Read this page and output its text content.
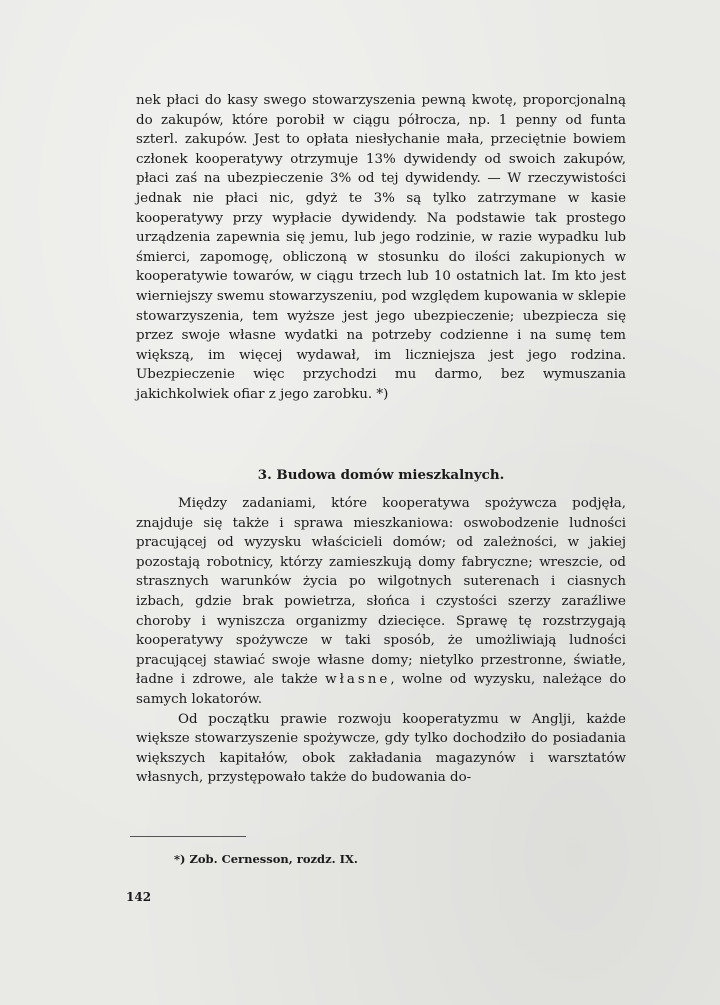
nek płaci do kasy swego stowarzyszenia pewną kwotę, proporcjonalną do zakupów, które porobił w ciągu półrocza, np. 1 penny od funta szterl. zakupów. Jest to opłata niesłychanie mała, przeciętnie bowiem członek kooperatywy otrzymuje 13% dywidendy od swoich zakupów, płaci zaś na ubezpieczenie 3% od tej dywidendy. — W rzeczywistości jednak nie płaci nic, gdyż te 3% są tylko zatrzymane w kasie kooperatywy przy wypłacie dywidendy. Na podstawie tak prostego urządzenia zapewnia się jemu, lub jego rodzinie, w razie wypadku lub śmierci, zapomogę, obliczoną w stosunku do ilości zakupionych w kooperatywie towarów, w ciągu trzech lub 10 ostatnich lat. Im kto jest wierniejszy swemu stowarzyszeniu, pod względem kupowania w sklepie stowarzyszenia, tem wyższe jest jego ubezpieczenie; ubezpiecza się przez swoje własne wydatki na potrzeby codzienne i na sumę tem większą, im więcej wydawał, im liczniejsza jest jego rodzina. Ubezpieczenie więc przychodzi mu darmo, bez wymuszania jakichkolwiek ofiar z jego zarobku. *)

3. Budowa domów mieszkalnych.

Między zadaniami, które kooperatywa spożywcza podjęła, znajduje się także i sprawa mieszkaniowa: oswobodzenie ludności pracującej od wyzysku właścicieli domów; od zależności, w jakiej pozostają robotnicy, którzy zamieszkują domy fabryczne; wreszcie, od strasznych warunków życia po wilgotnych suterenach i ciasnych izbach, gdzie brak powietrza, słońca i czystości szerzy zaraźliwe choroby i wyniszcza organizmy dziecięce. Sprawę tę rozstrzygają kooperatywy spożywcze w taki sposób, że umożliwiają ludności pracującej stawiać swoje własne domy; nietylko przestronne, światłe, ładne i zdrowe, ale także własne, wolne od wyzysku, należące do samych lokatorów.

Od początku prawie rozwoju kooperatyzmu w Anglji, każde większe stowarzyszenie spożywcze, gdy tylko dochodziło do posiadania większych kapitałów, obok zakładania magazynów i warsztatów własnych, przystępowało także do budowania do-

*) Zob. Cernesson, rozdz. IX.
142
